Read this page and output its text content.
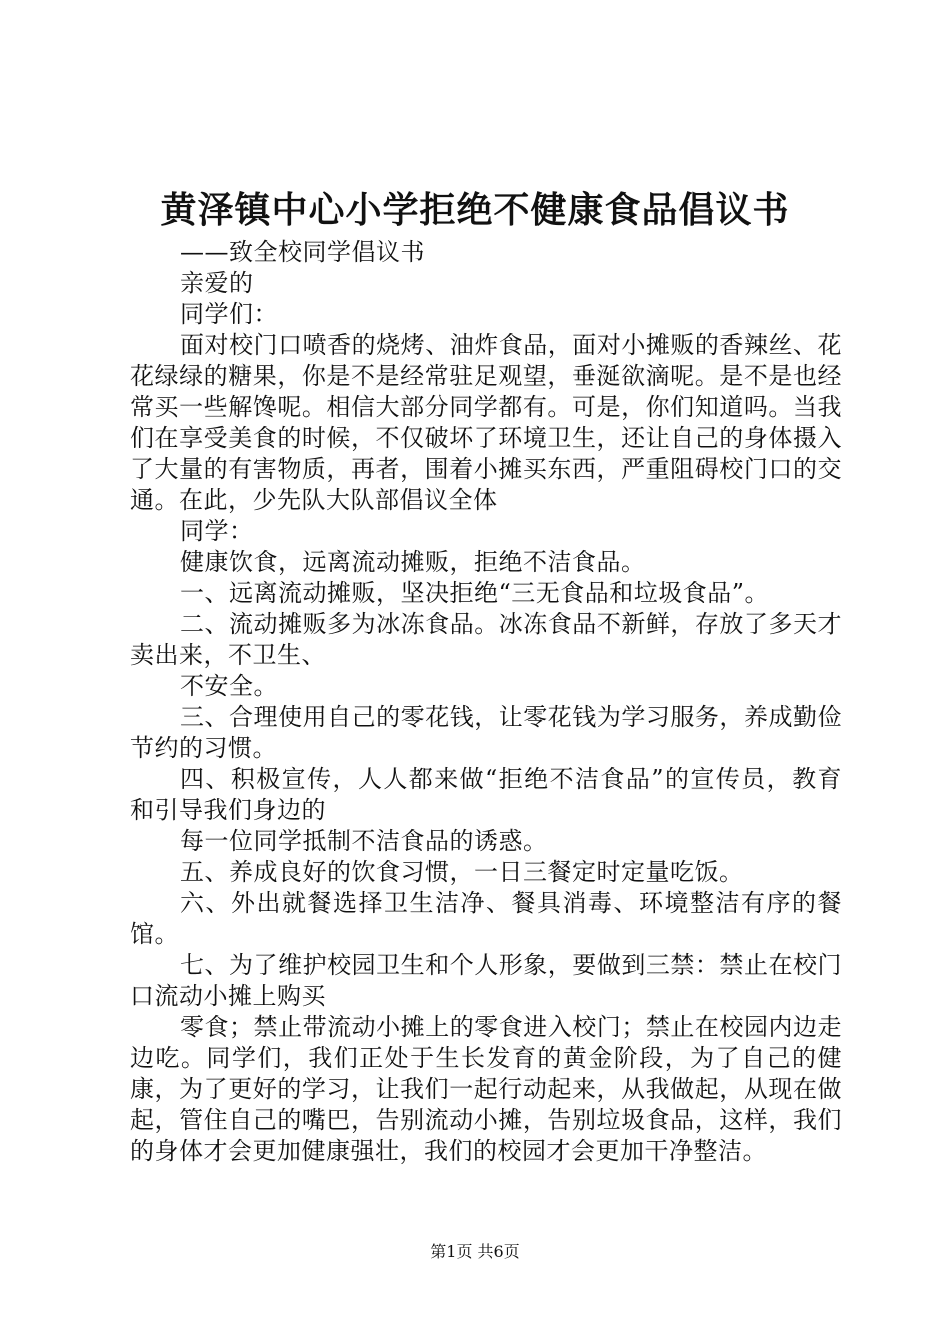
黄泽镇中心小学拒绝不健康食品倡议书

——致全校同学倡议书

亲爱的

同学们：

面对校门口喷香的烧烤、油炸食品，面对小摊贩的香辣丝、花花绿绿的糖果，你是不是经常驻足观望，垂涎欲滴呢。是不是也经常买一些解馋呢。相信大部分同学都有。可是，你们知道吗。当我们在享受美食的时候，不仅破坏了环境卫生，还让自己的身体摄入了大量的有害物质，再者，围着小摊买东西，严重阻碍校门口的交通。在此，少先队大队部倡议全体

同学：

健康饮食，远离流动摊贩，拒绝不洁食品。

一、远离流动摊贩，坚决拒绝“三无食品和垃圾食品”。

二、流动摊贩多为冰冻食品。冰冻食品不新鲜，存放了多天才卖出来，不卫生、

不安全。

三、合理使用自己的零花钱，让零花钱为学习服务，养成勤俭节约的习惯。

四、积极宣传，人人都来做“拒绝不洁食品”的宣传员，教育和引导我们身边的

每一位同学抵制不洁食品的诱惑。

五、养成良好的饮食习惯，一日三餐定时定量吃饭。

六、外出就餐选择卫生洁净、餐具消毒、环境整洁有序的餐馆。

七、为了维护校园卫生和个人形象，要做到三禁：禁止在校门口流动小摊上购买

零食；禁止带流动小摊上的零食进入校门；禁止在校园内边走边吃。同学们，我们正处于生长发育的黄金阶段，为了自己的健康，为了更好的学习，让我们一起行动起来，从我做起，从现在做起，管住自己的嘴巴，告别流动小摊，告别垃圾食品，这样，我们的身体才会更加健康强壮，我们的校园才会更加干净整洁。

第1页 共6页
